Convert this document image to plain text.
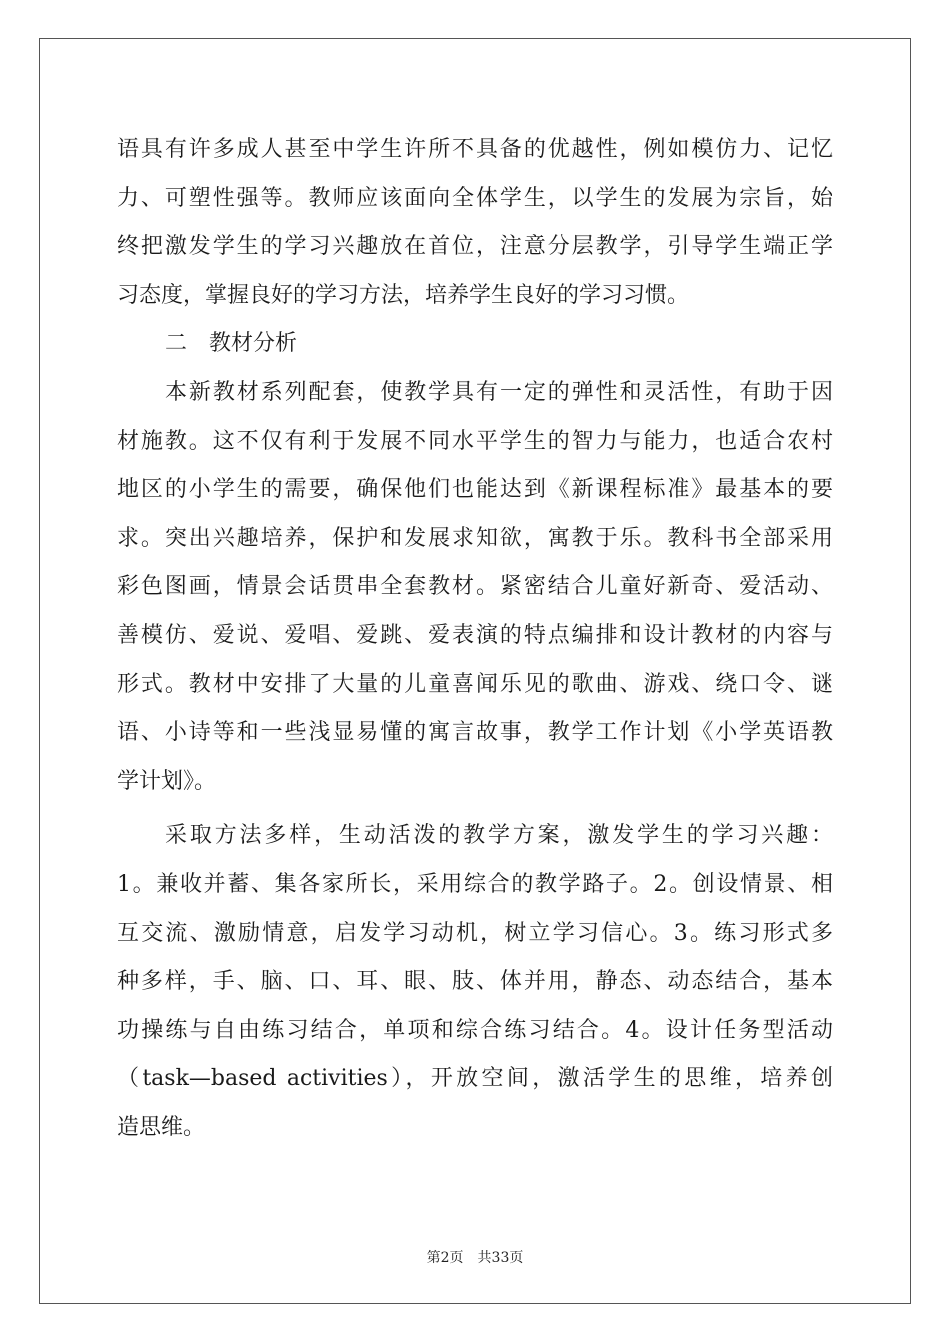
语具有许多成人甚至中学生许所不具备的优越性，例如模仿力、记忆
力、可塑性强等。教师应该面向全体学生，以学生的发展为宗旨，始
终把激发学生的学习兴趣放在首位，注意分层教学，引导学生端正学
习态度，掌握良好的学习方法，培养学生良好的学习习惯。
二　教材分析
本新教材系列配套，使教学具有一定的弹性和灵活性，有助于因
材施教。这不仅有利于发展不同水平学生的智力与能力，也适合农村
地区的小学生的需要，确保他们也能达到《新课程标准》最基本的要
求。突出兴趣培养，保护和发展求知欲，寓教于乐。教科书全部采用
彩色图画，情景会话贯串全套教材。紧密结合儿童好新奇、爱活动、
善模仿、爱说、爱唱、爱跳、爱表演的特点编排和设计教材的内容与
形式。教材中安排了大量的儿童喜闻乐见的歌曲、游戏、绕口令、谜
语、小诗等和一些浅显易懂的寓言故事，教学工作计划《小学英语教
学计划》。
采取方法多样，生动活泼的教学方案，激发学生的学习兴趣：
1。兼收并蓄、集各家所长，采用综合的教学路子。2。创设情景、相
互交流、激励情意，启发学习动机，树立学习信心。3。练习形式多
种多样，手、脑、口、耳、眼、肢、体并用，静态、动态结合，基本
功操练与自由练习结合，单项和综合练习结合。4。设计任务型活动
（task—based activities），开放空间，激活学生的思维，培养创
造思维。
第2页　共33页
